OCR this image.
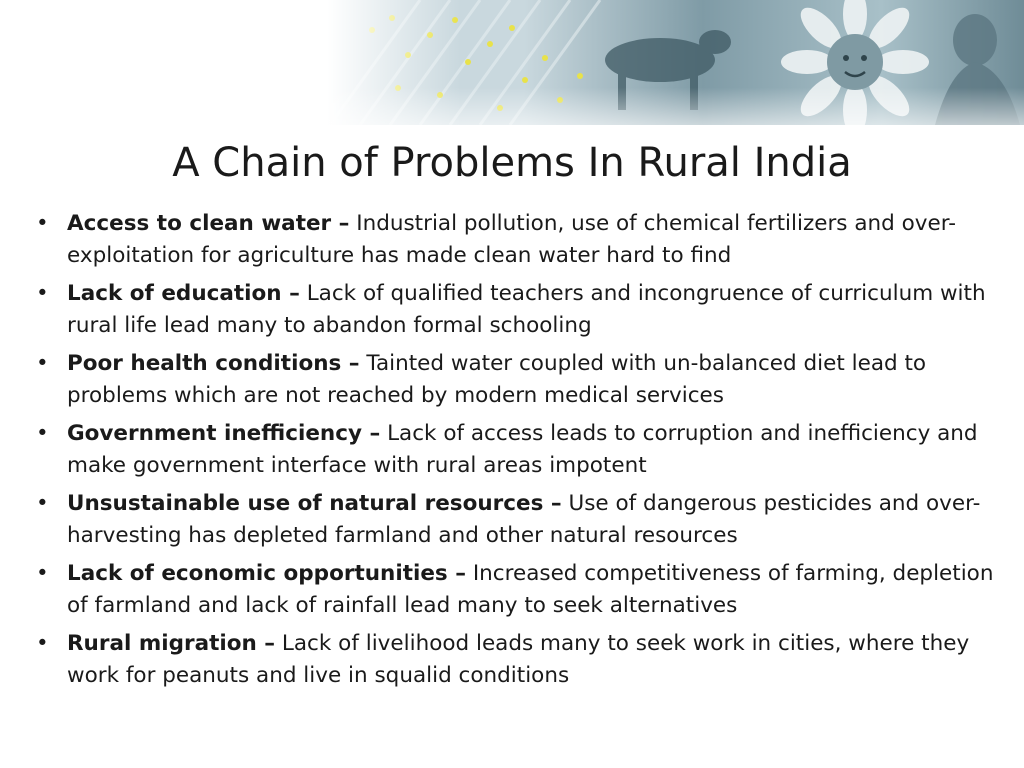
A Chain of Problems In Rural India
• Access to clean water – Industrial pollution, use of chemical fertilizers and over-exploitation for agriculture has made clean water hard to find
• Lack of education – Lack of qualified teachers and incongruence of curriculum with rural life lead many to abandon formal schooling
• Poor health conditions – Tainted water coupled with un-balanced diet lead to problems which are not reached by modern medical services
• Government inefficiency – Lack of access leads to corruption and inefficiency and make government interface with rural areas impotent
• Unsustainable use of natural resources – Use of dangerous pesticides and over-harvesting has depleted farmland and other natural resources
• Lack of economic opportunities – Increased competitiveness of farming, depletion of farmland and lack of rainfall lead many to seek alternatives
• Rural migration – Lack of livelihood leads many to seek work in cities, where they work for peanuts and live in squalid conditions
